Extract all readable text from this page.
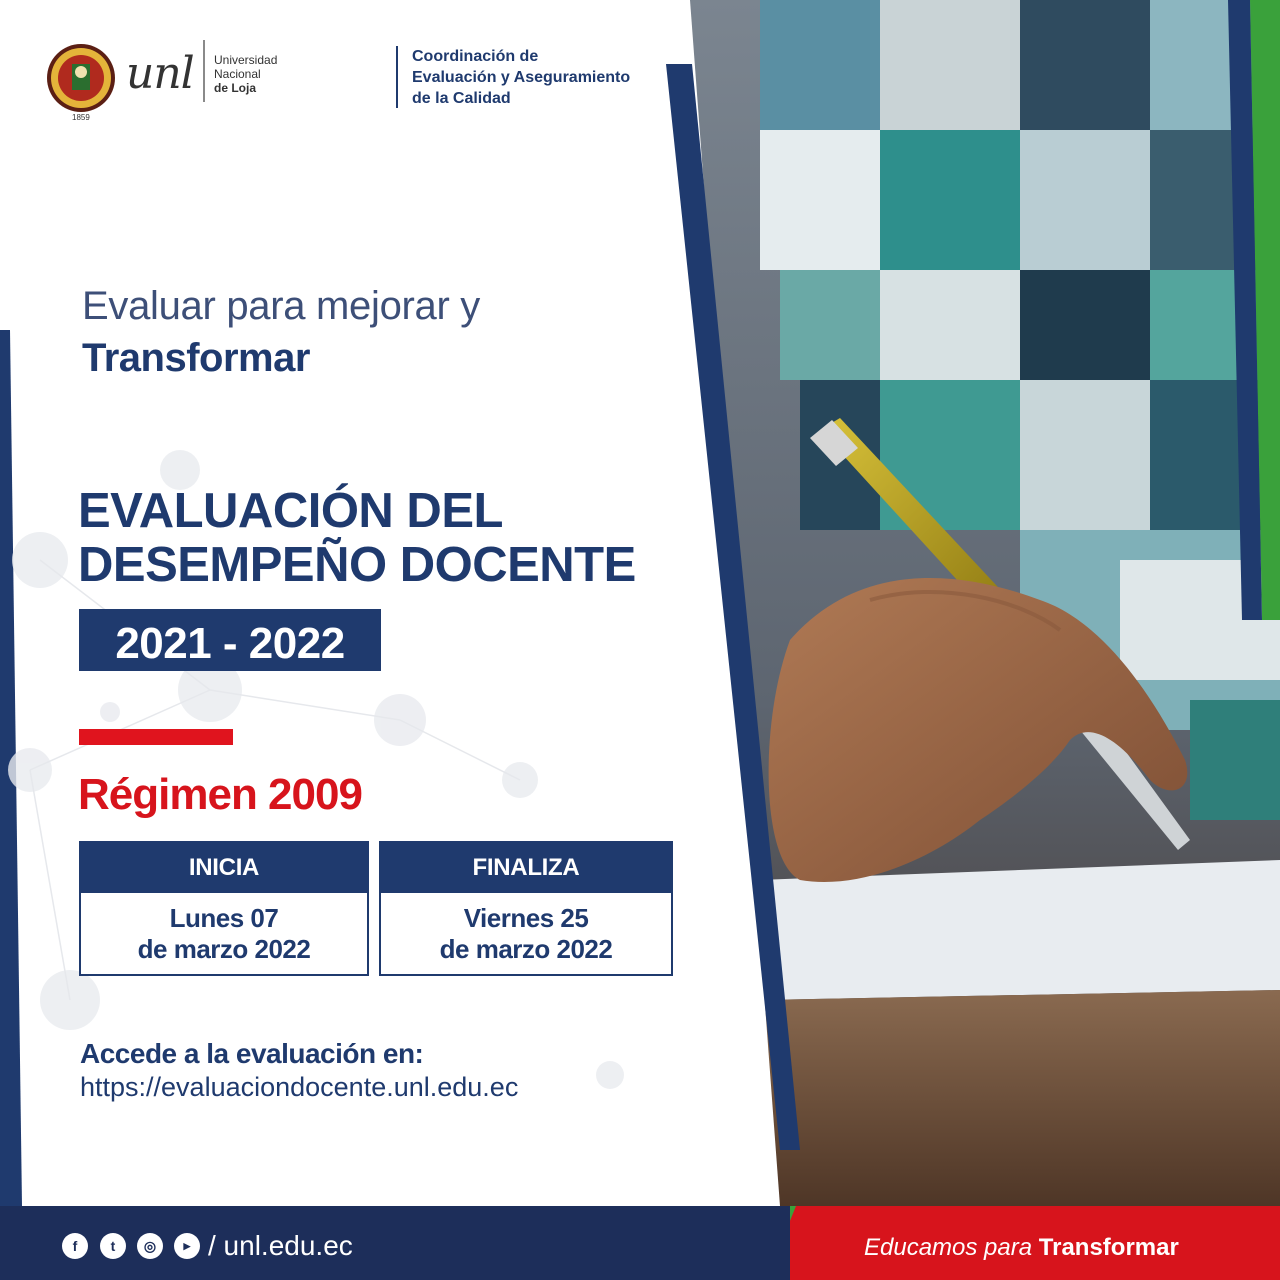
1859

unl Universidad
Nacional
de Loja
Coordinación de
Evaluación y Aseguramiento
de la Calidad

Evaluar para mejorar y

Transformar

EVALUACIÓN DEL
DESEMPEÑO DOCENTE
2021 - 2022

Régimen 2009

INICIA
Lunes 07
de marzo 2022
FINALIZA
Viernes 25
de marzo 2022

Accede a la evaluación en:

https://evaluaciondocente.unl.edu.ec
f	t	◎	▶ / unl.edu.ec	Educamos para Transformar
